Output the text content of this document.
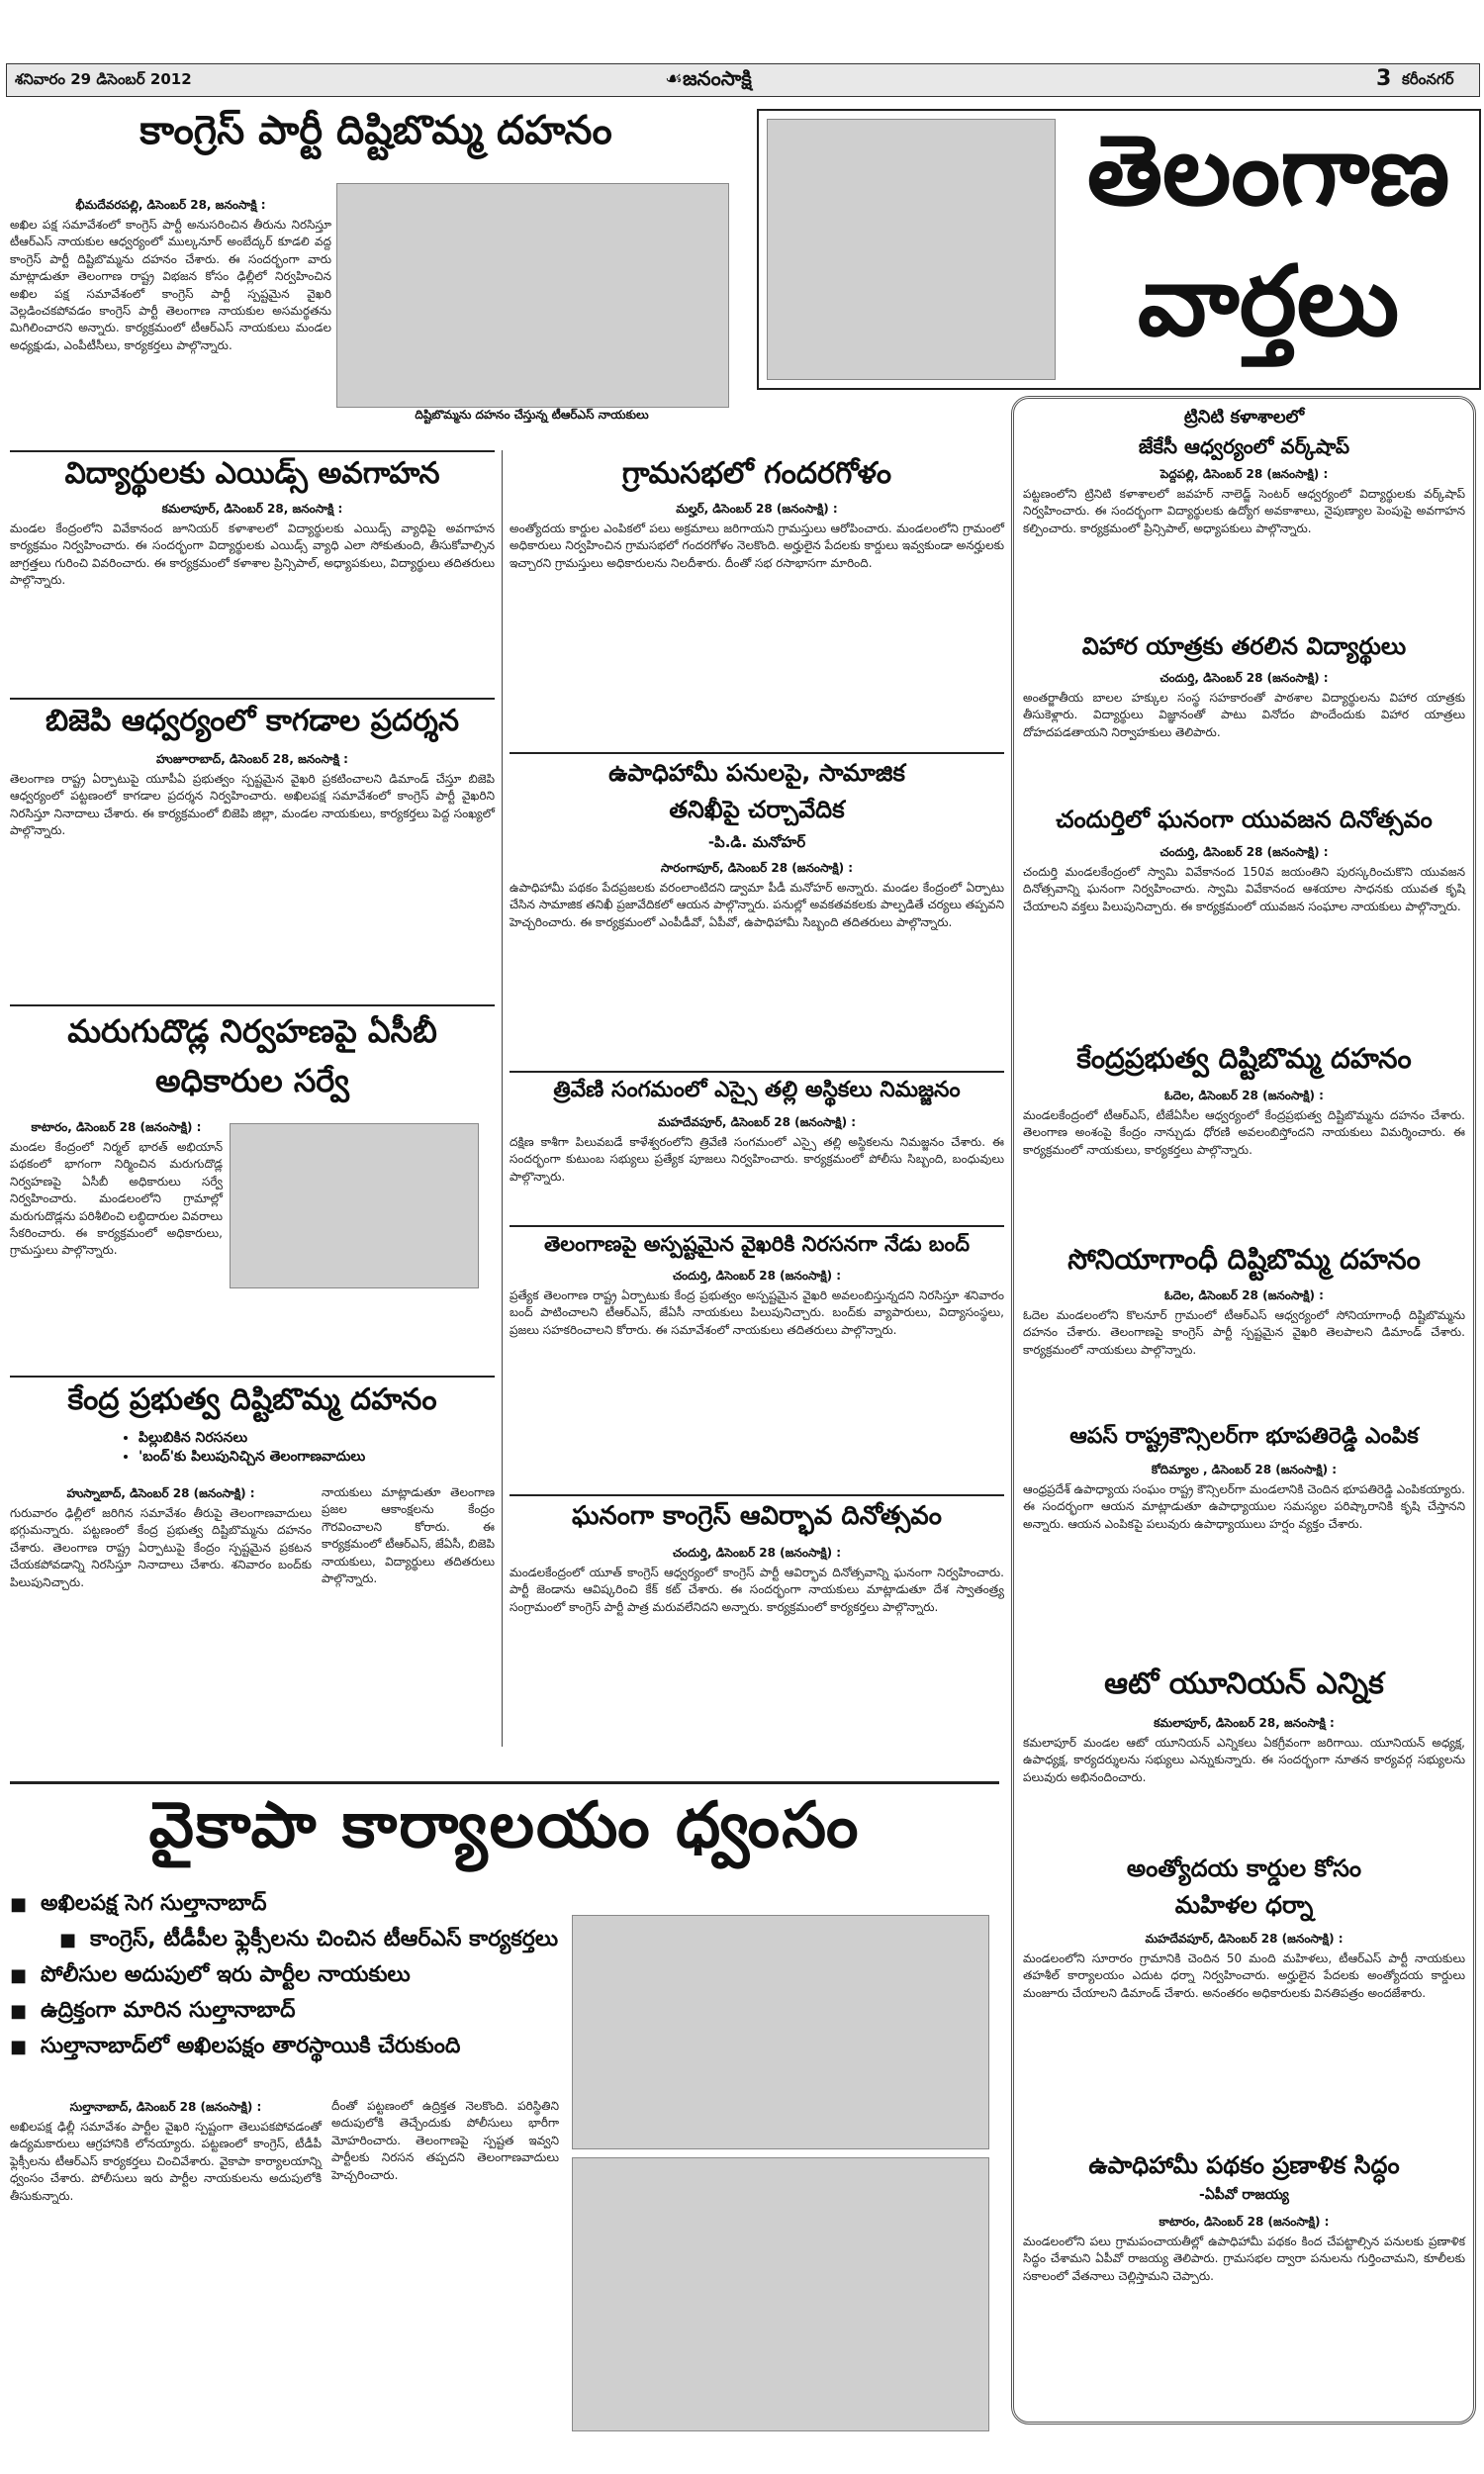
శనివారం 29 డిసెంబర్ 2012	☙జనంసాక్షి	3 కరీంనగర్
కాంగ్రెస్ పార్టీ దిష్టిబొమ్మ దహనం
భీమదేవరపల్లి, డిసెంబర్ 28, జనంసాక్షి :
అఖిల పక్ష సమావేశంలో కాంగ్రెస్ పార్టీ అనుసరించిన తీరును నిరసిస్తూ టీఆర్ఎస్ నాయకుల ఆధ్వర్యంలో ముల్కనూర్ అంబేద్కర్ కూడలి వద్ద కాంగ్రెస్ పార్టీ దిష్టిబొమ్మను దహనం చేశారు. ఈ సందర్భంగా వారు మాట్లాడుతూ తెలంగాణ రాష్ట్ర విభజన కోసం ఢిల్లీలో నిర్వహించిన అఖిల పక్ష సమావేశంలో కాంగ్రెస్ పార్టీ స్పష్టమైన వైఖరి వెల్లడించకపోవడం కాంగ్రెస్ పార్టీ తెలంగాణ నాయకుల అసమర్థతను మిగిలించారని అన్నారు. కార్యక్రమంలో టీఆర్ఎస్ నాయకులు మండల అధ్యక్షుడు, ఎంపీటీసీలు, కార్యకర్తలు పాల్గొన్నారు.
దిష్టిబొమ్మను దహనం చేస్తున్న టీఆర్ఎస్ నాయకులు
తెలంగాణ
వార్తలు
విద్యార్థులకు ఎయిడ్స్ అవగాహన
కమలాపూర్, డిసెంబర్ 28, జనంసాక్షి :
మండల కేంద్రంలోని వివేకానంద జూనియర్ కళాశాలలో విద్యార్థులకు ఎయిడ్స్ వ్యాధిపై అవగాహన కార్యక్రమం నిర్వహించారు. ఈ సందర్భంగా విద్యార్థులకు ఎయిడ్స్ వ్యాధి ఎలా సోకుతుంది, తీసుకోవాల్సిన జాగ్రత్తలు గురించి వివరించారు. ఈ కార్యక్రమంలో కళాశాల ప్రిన్సిపాల్, అధ్యాపకులు, విద్యార్థులు తదితరులు పాల్గొన్నారు.
బిజెపి ఆధ్వర్యంలో కాగడాల ప్రదర్శన
హుజూరాబాద్, డిసెంబర్ 28, జనంసాక్షి :
తెలంగాణ రాష్ట్ర ఏర్పాటుపై యూపీఏ ప్రభుత్వం స్పష్టమైన వైఖరి ప్రకటించాలని డిమాండ్ చేస్తూ బిజెపి ఆధ్వర్యంలో పట్టణంలో కాగడాల ప్రదర్శన నిర్వహించారు. అఖిలపక్ష సమావేశంలో కాంగ్రెస్ పార్టీ వైఖరిని నిరసిస్తూ నినాదాలు చేశారు. ఈ కార్యక్రమంలో బిజెపి జిల్లా, మండల నాయకులు, కార్యకర్తలు పెద్ద సంఖ్యలో పాల్గొన్నారు.
మరుగుదొడ్ల నిర్వహణపై ఏసీబీ
అధికారుల సర్వే
కాటారం, డిసెంబర్ 28 (జనంసాక్షి) :
మండల కేంద్రంలో నిర్మల్ భారత్ అభియాన్ పథకంలో భాగంగా నిర్మించిన మరుగుదొడ్ల నిర్వహణపై ఏసీబీ అధికారులు సర్వే నిర్వహించారు. మండలంలోని గ్రామాల్లో మరుగుదొడ్లను పరిశీలించి లబ్ధిదారుల వివరాలు సేకరించారు. ఈ కార్యక్రమంలో అధికారులు, గ్రామస్తులు పాల్గొన్నారు.
కేంద్ర ప్రభుత్వ దిష్టిబొమ్మ దహనం
• పిల్లుబికిన నిరసనలు
• 'బంద్'కు పిలుపునిచ్చిన తెలంగాణవాదులు
హుస్నాబాద్, డిసెంబర్ 28 (జనంసాక్షి) :
గురువారం ఢిల్లీలో జరిగిన సమావేశం తీరుపై తెలంగాణవాదులు భగ్గుమన్నారు. పట్టణంలో కేంద్ర ప్రభుత్వ దిష్టిబొమ్మను దహనం చేశారు. తెలంగాణ రాష్ట్ర ఏర్పాటుపై కేంద్రం స్పష్టమైన ప్రకటన చేయకపోవడాన్ని నిరసిస్తూ నినాదాలు చేశారు. శనివారం బంద్‌కు పిలుపునిచ్చారు.
నాయకులు మాట్లాడుతూ తెలంగాణ ప్రజల ఆకాంక్షలను కేంద్రం గౌరవించాలని కోరారు. ఈ కార్యక్రమంలో టీఆర్ఎస్, జేఏసీ, బిజెపి నాయకులు, విద్యార్థులు తదితరులు పాల్గొన్నారు.
గ్రామసభలో గందరగోళం
మల్హర్, డిసెంబర్ 28 (జనంసాక్షి) :
అంత్యోదయ కార్డుల ఎంపికలో పలు అక్రమాలు జరిగాయని గ్రామస్తులు ఆరోపించారు. మండలంలోని గ్రామంలో అధికారులు నిర్వహించిన గ్రామసభలో గందరగోళం నెలకొంది. అర్హులైన పేదలకు కార్డులు ఇవ్వకుండా అనర్హులకు ఇచ్చారని గ్రామస్తులు అధికారులను నిలదీశారు. దీంతో సభ రసాభాసగా మారింది.
ఉపాధిహామీ పనులపై, సామాజిక
తనిఖీపై చర్చావేదిక
-పి.డి. మనోహర్
సారంగాపూర్, డిసెంబర్ 28 (జనంసాక్షి) :
ఉపాధిహామీ పథకం పేదప్రజలకు వరంలాంటిదని డ్వామా పీడీ మనోహర్ అన్నారు. మండల కేంద్రంలో ఏర్పాటు చేసిన సామాజిక తనిఖీ ప్రజావేదికలో ఆయన పాల్గొన్నారు. పనుల్లో అవకతవకలకు పాల్పడితే చర్యలు తప్పవని హెచ్చరించారు. ఈ కార్యక్రమంలో ఎంపీడీవో, ఏపీవో, ఉపాధిహామీ సిబ్బంది తదితరులు పాల్గొన్నారు.
త్రివేణి సంగమంలో ఎస్సై తల్లి అస్థికలు నిమజ్జనం
మహదేవపూర్, డిసెంబర్ 28 (జనంసాక్షి) :
దక్షిణ కాశీగా పిలువబడే కాళేశ్వరంలోని త్రివేణి సంగమంలో ఎస్సై తల్లి అస్థికలను నిమజ్జనం చేశారు. ఈ సందర్భంగా కుటుంబ సభ్యులు ప్రత్యేక పూజలు నిర్వహించారు. కార్యక్రమంలో పోలీసు సిబ్బంది, బంధువులు పాల్గొన్నారు.
తెలంగాణపై అస్పష్టమైన వైఖరికి నిరసనగా నేడు బంద్
చందుర్తి, డిసెంబర్ 28 (జనంసాక్షి) :
ప్రత్యేక తెలంగాణ రాష్ట్ర ఏర్పాటుకు కేంద్ర ప్రభుత్వం అస్పష్టమైన వైఖరి అవలంబిస్తున్నదని నిరసిస్తూ శనివారం బంద్ పాటించాలని టీఆర్ఎస్, జేఏసీ నాయకులు పిలుపునిచ్చారు. బంద్‌కు వ్యాపారులు, విద్యాసంస్థలు, ప్రజలు సహకరించాలని కోరారు. ఈ సమావేశంలో నాయకులు తదితరులు పాల్గొన్నారు.
ఘనంగా కాంగ్రెస్ ఆవిర్భావ దినోత్సవం
చందుర్తి, డిసెంబర్ 28 (జనంసాక్షి) :
మండలకేంద్రంలో యూత్ కాంగ్రెస్ ఆధ్వర్యంలో కాంగ్రెస్ పార్టీ ఆవిర్భావ దినోత్సవాన్ని ఘనంగా నిర్వహించారు. పార్టీ జెండాను ఆవిష్కరించి కేక్ కట్ చేశారు. ఈ సందర్భంగా నాయకులు మాట్లాడుతూ దేశ స్వాతంత్ర్య సంగ్రామంలో కాంగ్రెస్ పార్టీ పాత్ర మరువలేనిదని అన్నారు. కార్యక్రమంలో కార్యకర్తలు పాల్గొన్నారు.
ట్రినిటి కళాశాలలో
జేకేసీ ఆధ్వర్యంలో వర్క్‌షాప్
పెద్దపల్లి, డిసెంబర్ 28 (జనంసాక్షి) :
పట్టణంలోని ట్రినిటి కళాశాలలో జవహర్ నాలెడ్జ్ సెంటర్ ఆధ్వర్యంలో విద్యార్థులకు వర్క్‌షాప్ నిర్వహించారు. ఈ సందర్భంగా విద్యార్థులకు ఉద్యోగ అవకాశాలు, నైపుణ్యాల పెంపుపై అవగాహన కల్పించారు. కార్యక్రమంలో ప్రిన్సిపాల్, అధ్యాపకులు పాల్గొన్నారు.
విహార యాత్రకు తరలిన విద్యార్థులు
చందుర్తి, డిసెంబర్ 28 (జనంసాక్షి) :
అంతర్జాతీయ బాలల హక్కుల సంస్థ సహకారంతో పాఠశాల విద్యార్థులను విహార యాత్రకు తీసుకెళ్లారు. విద్యార్థులు విజ్ఞానంతో పాటు వినోదం పొందేందుకు విహార యాత్రలు దోహదపడతాయని నిర్వాహకులు తెలిపారు.
చందుర్తిలో ఘనంగా యువజన దినోత్సవం
చందుర్తి, డిసెంబర్ 28 (జనంసాక్షి) :
చందుర్తి మండలకేంద్రంలో స్వామి వివేకానంద 150వ జయంతిని పురస్కరించుకొని యువజన దినోత్సవాన్ని ఘనంగా నిర్వహించారు. స్వామి వివేకానంద ఆశయాల సాధనకు యువత కృషి చేయాలని వక్తలు పిలుపునిచ్చారు. ఈ కార్యక్రమంలో యువజన సంఘాల నాయకులు పాల్గొన్నారు.
కేంద్రప్రభుత్వ దిష్టిబొమ్మ దహనం
ఓదెల, డిసెంబర్ 28 (జనంసాక్షి) :
మండలకేంద్రంలో టీఆర్ఎస్, టీజేఏసీల ఆధ్వర్యంలో కేంద్రప్రభుత్వ దిష్టిబొమ్మను దహనం చేశారు. తెలంగాణ అంశంపై కేంద్రం నాన్చుడు ధోరణి అవలంబిస్తోందని నాయకులు విమర్శించారు. ఈ కార్యక్రమంలో నాయకులు, కార్యకర్తలు పాల్గొన్నారు.
సోనియాగాంధీ దిష్టిబొమ్మ దహనం
ఓదెల, డిసెంబర్ 28 (జనంసాక్షి) :
ఓదెల మండలంలోని కొలనూర్ గ్రామంలో టీఆర్ఎస్ ఆధ్వర్యంలో సోనియాగాంధీ దిష్టిబొమ్మను దహనం చేశారు. తెలంగాణపై కాంగ్రెస్ పార్టీ స్పష్టమైన వైఖరి తెలపాలని డిమాండ్ చేశారు. కార్యక్రమంలో నాయకులు పాల్గొన్నారు.
ఆపస్ రాష్ట్రకౌన్సిలర్‌గా భూపతిరెడ్డి ఎంపిక
కోదిమ్యాల , డిసెంబర్ 28 (జనంసాక్షి) :
ఆంధ్రప్రదేశ్ ఉపాధ్యాయ సంఘం రాష్ట్ర కౌన్సిలర్‌గా మండలానికి చెందిన భూపతిరెడ్డి ఎంపికయ్యారు. ఈ సందర్భంగా ఆయన మాట్లాడుతూ ఉపాధ్యాయుల సమస్యల పరిష్కారానికి కృషి చేస్తానని అన్నారు. ఆయన ఎంపికపై పలువురు ఉపాధ్యాయులు హర్షం వ్యక్తం చేశారు.
ఆటో యూనియన్ ఎన్నిక
కమలాపూర్, డిసెంబర్ 28, జనంసాక్షి :
కమలాపూర్ మండల ఆటో యూనియన్ ఎన్నికలు ఏకగ్రీవంగా జరిగాయి. యూనియన్ అధ్యక్ష, ఉపాధ్యక్ష, కార్యదర్శులను సభ్యులు ఎన్నుకున్నారు. ఈ సందర్భంగా నూతన కార్యవర్గ సభ్యులను పలువురు అభినందించారు.
అంత్యోదయ కార్డుల కోసం
మహిళల ధర్నా
మహదేవపూర్, డిసెంబర్ 28 (జనంసాక్షి) :
మండలంలోని సూరారం గ్రామానికి చెందిన 50 మంది మహిళలు, టీఆర్ఎస్ పార్టీ నాయకులు తహశీల్ కార్యాలయం ఎదుట ధర్నా నిర్వహించారు. అర్హులైన పేదలకు అంత్యోదయ కార్డులు మంజూరు చేయాలని డిమాండ్ చేశారు. అనంతరం అధికారులకు వినతిపత్రం అందజేశారు.
ఉపాధిహామీ పథకం ప్రణాళిక సిద్ధం
-ఏపీవో రాజయ్య
కాటారం, డిసెంబర్ 28 (జనంసాక్షి) :
మండలంలోని పలు గ్రామపంచాయతీల్లో ఉపాధిహామీ పథకం కింద చేపట్టాల్సిన పనులకు ప్రణాళిక సిద్ధం చేశామని ఏపీవో రాజయ్య తెలిపారు. గ్రామసభల ద్వారా పనులను గుర్తించామని, కూలీలకు సకాలంలో వేతనాలు చెల్లిస్తామని చెప్పారు.
వైకాపా కార్యాలయం ధ్వంసం
■ అఖిలపక్ష సెగ సుల్తానాబాద్
■ కాంగ్రెస్, టీడీపీల ఫ్లెక్సీలను చించిన టీఆర్ఎస్ కార్యకర్తలు
■ పోలీసుల అదుపులో ఇరు పార్టీల నాయకులు
■ ఉద్రిక్తంగా మారిన సుల్తానాబాద్
■ సుల్తానాబాద్‌లో అఖిలపక్షం తారస్థాయికి చేరుకుంది
సుల్తానాబాద్, డిసెంబర్ 28 (జనంసాక్షి) :
అఖిలపక్ష ఢిల్లీ సమావేశం పార్టీల వైఖరి స్పష్టంగా తెలుపకపోవడంతో ఉద్యమకారులు ఆగ్రహానికి లోనయ్యారు. పట్టణంలో కాంగ్రెస్, టీడీపీ ఫ్లెక్సీలను టీఆర్ఎస్ కార్యకర్తలు చించివేశారు. వైకాపా కార్యాలయాన్ని ధ్వంసం చేశారు. పోలీసులు ఇరు పార్టీల నాయకులను అదుపులోకి తీసుకున్నారు.
దీంతో పట్టణంలో ఉద్రిక్తత నెలకొంది. పరిస్థితిని అదుపులోకి తెచ్చేందుకు పోలీసులు భారీగా మోహరించారు. తెలంగాణపై స్పష్టత ఇవ్వని పార్టీలకు నిరసన తప్పదని తెలంగాణవాదులు హెచ్చరించారు.
